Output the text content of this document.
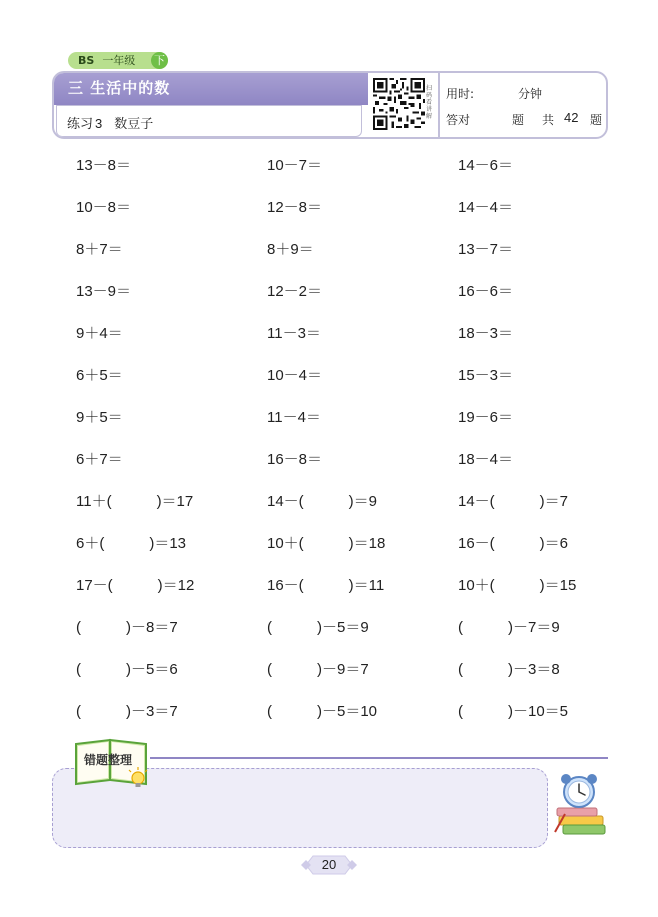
BS 一年级 下
三 生活中的数
练习 3 数豆子
扫码看讲解
用时:	分钟
答对	题 共 42 题
13－8＝	10－7＝	14－6＝
10－8＝	12－8＝	14－4＝
8＋7＝	8＋9＝	13－7＝
13－9＝	12－2＝	16－6＝
9＋4＝	11－3＝	18－3＝
6＋5＝	10－4＝	15－3＝
9＋5＝	11－4＝	19－6＝
6＋7＝	16－8＝	18－4＝
11＋(　　　)＝17	14－(　　　)＝9	14－(　　　)＝7
6＋(　　　)＝13	10＋(　　　)＝18	16－(　　　)＝6
17－(　　　)＝12	16－(　　　)＝11	10＋(　　　)＝15
(　　　)－8＝7	(　　　)－5＝9	(　　　)－7＝9
(　　　)－5＝6	(　　　)－9＝7	(　　　)－3＝8
(　　　)－3＝7	(　　　)－5＝10	(　　　)－10＝5
错题整理
20
